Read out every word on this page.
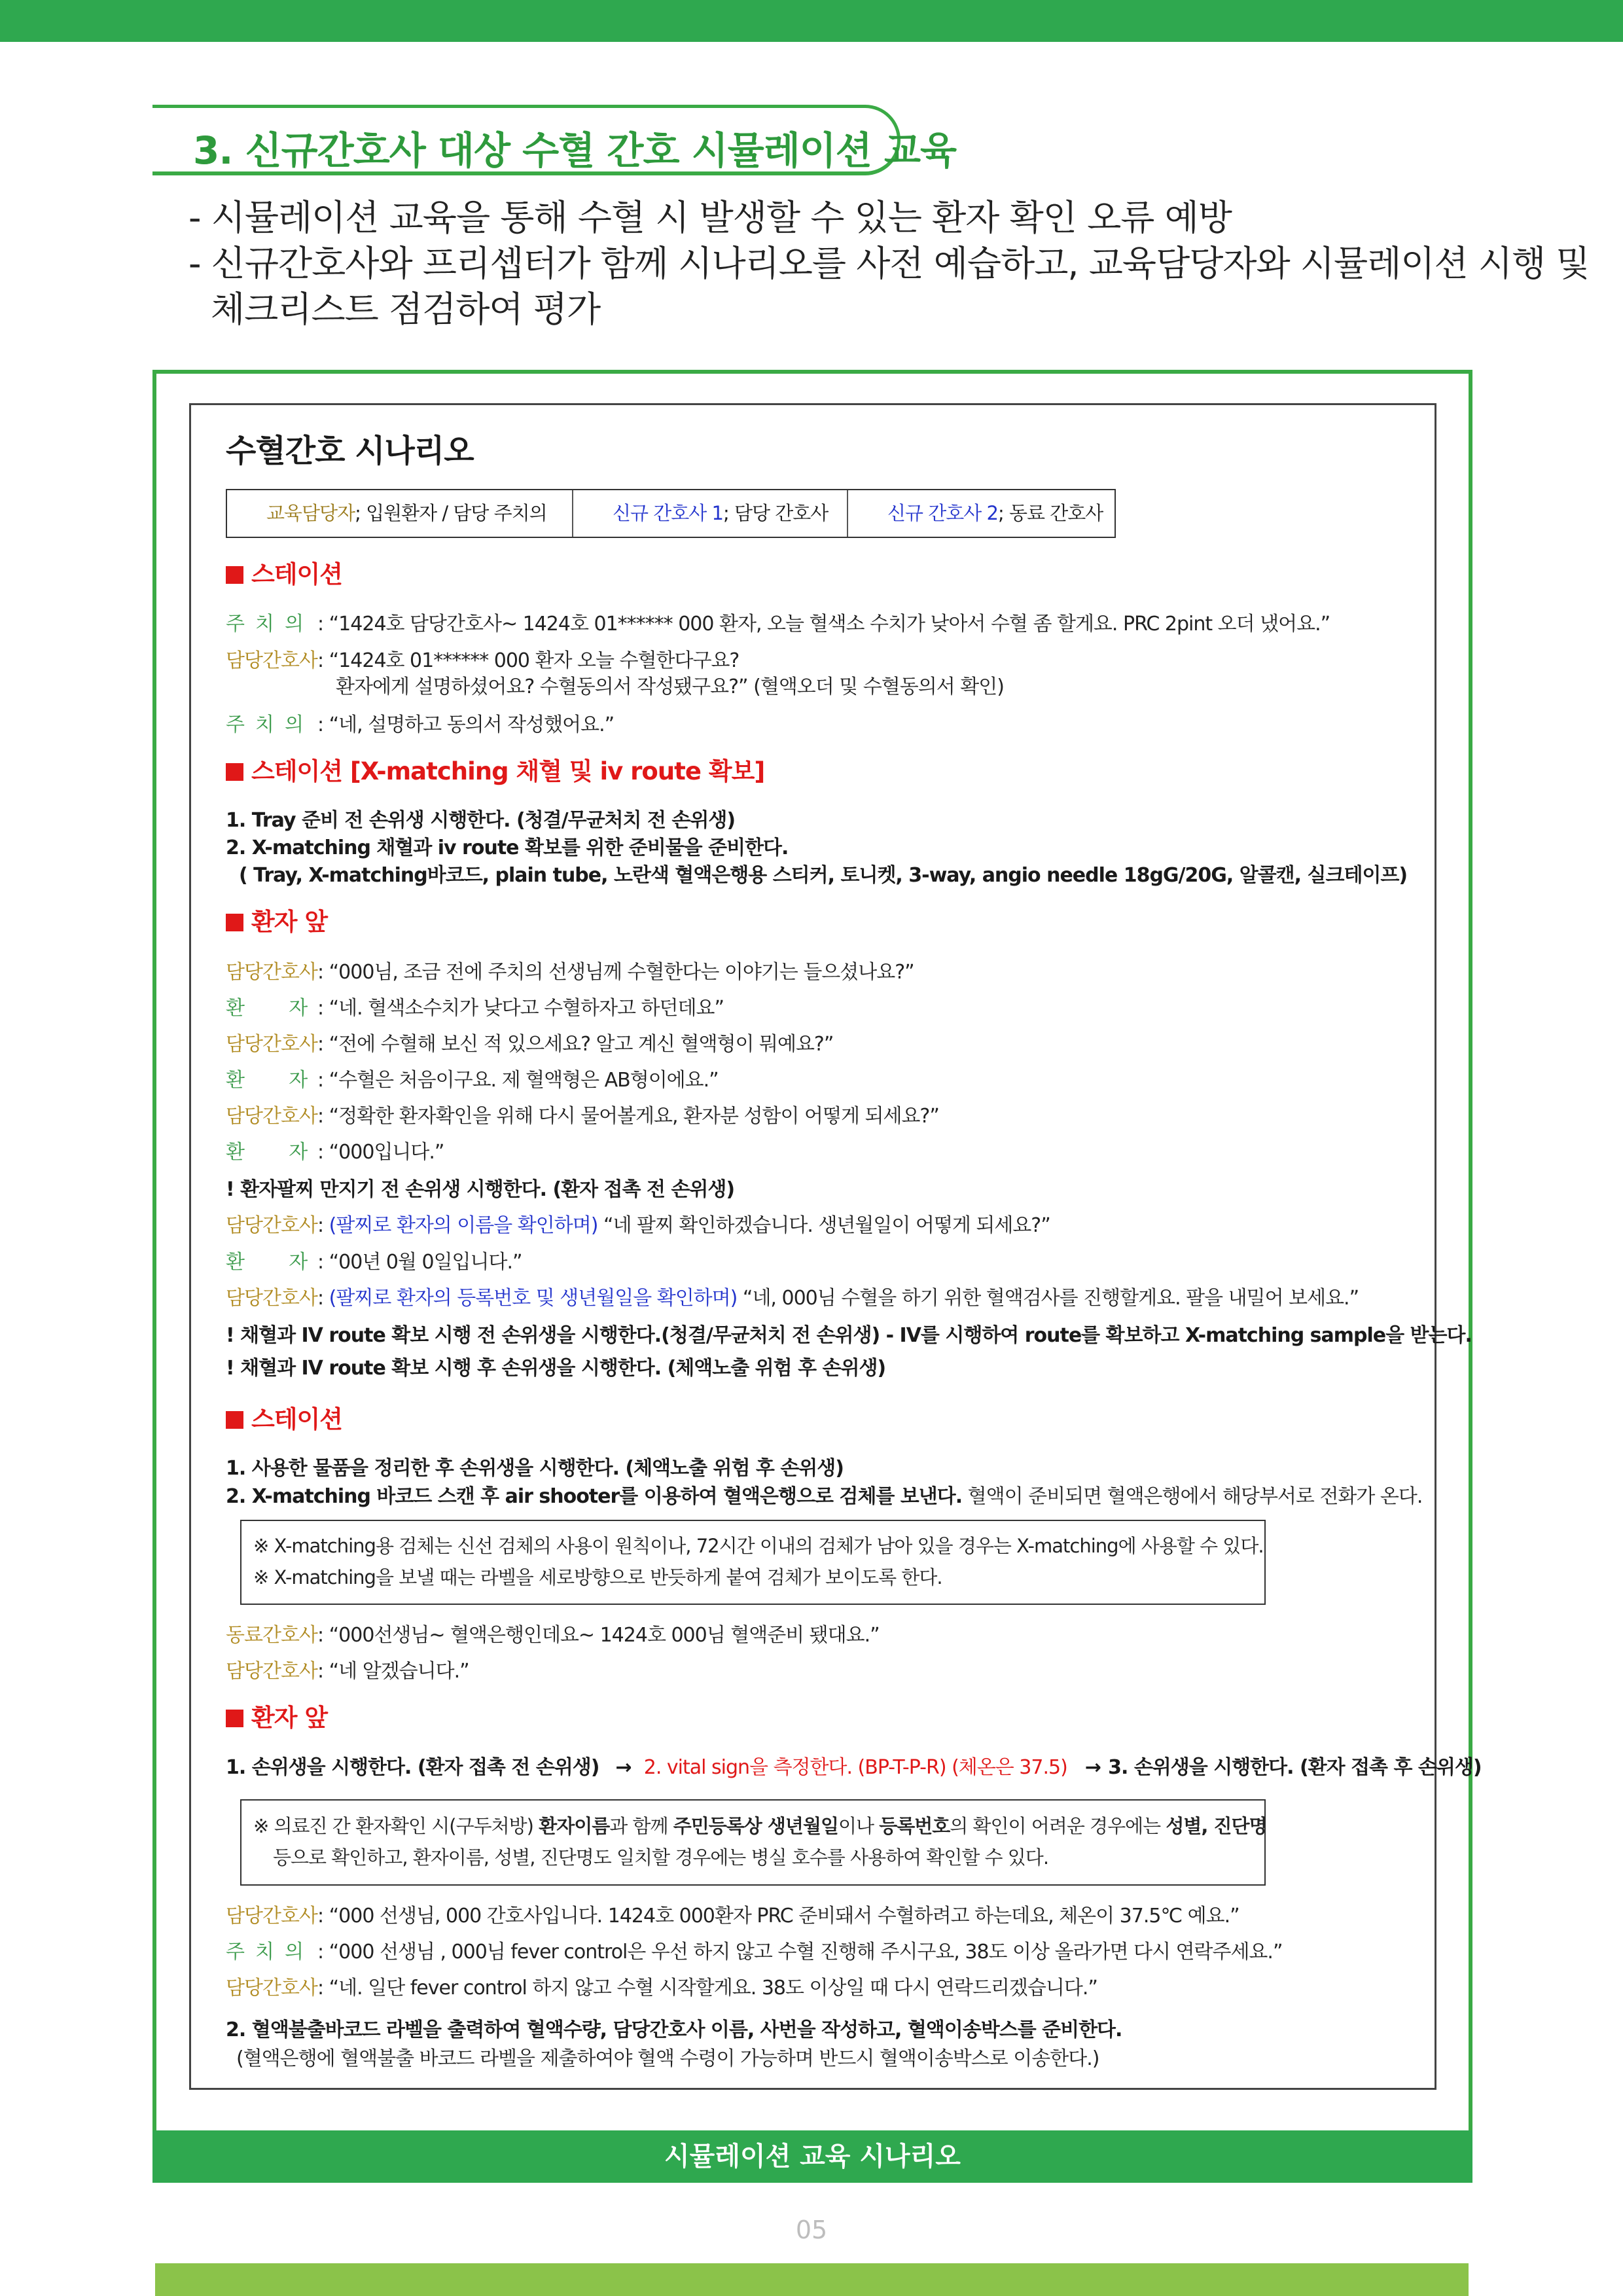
3. 신규간호사 대상 수혈 간호 시뮬레이션 교육
- 시뮬레이션 교육을 통해 수혈 시 발생할 수 있는 환자 확인 오류 예방
- 신규간호사와 프리셉터가 함께 시나리오를 사전 예습하고, 교육담당자와 시뮬레이션 시행 및
체크리스트 점검하여 평가
수혈간호 시나리오
교육담당자; 입원환자 / 담당 주치의	신규 간호사 1; 담당 간호사	신규 간호사 2; 동료 간호사
스테이션
주  치  의 : “1424호 담당간호사~ 1424호 01****** 000 환자, 오늘 혈색소 수치가 낮아서 수혈 좀 할게요. PRC 2pint 오더 냈어요.”
담당간호사: “1424호 01****** 000 환자 오늘 수혈한다구요?
환자에게 설명하셨어요? 수혈동의서 작성됐구요?” (혈액오더 및 수혈동의서 확인)
주  치  의 : “네, 설명하고 동의서 작성했어요.”
스테이션 [X-matching 채혈 및 iv route 확보]
1. Tray 준비 전 손위생 시행한다. (청결/무균처치 전 손위생)
2. X-matching 채혈과 iv route 확보를 위한 준비물을 준비한다.
( Tray, X-matching바코드, plain tube, 노란색 혈액은행용 스티커, 토니켓, 3-way, angio needle 18gG/20G, 알콜캔, 실크테이프)
환자 앞
담당간호사: “000님, 조금 전에 주치의 선생님께 수혈한다는 이야기는 들으셨나요?”
환        자 : “네. 혈색소수치가 낮다고 수혈하자고 하던데요”
담당간호사: “전에 수혈해 보신 적 있으세요? 알고 계신 혈액형이 뭐예요?”
환        자 : “수혈은 처음이구요. 제 혈액형은 AB형이에요.”
담당간호사: “정확한 환자확인을 위해 다시 물어볼게요, 환자분 성함이 어떻게 되세요?”
환        자 : “000입니다.”
! 환자팔찌 만지기 전 손위생 시행한다. (환자 접촉 전 손위생)
담당간호사: (팔찌로 환자의 이름을 확인하며) “네 팔찌 확인하겠습니다. 생년월일이 어떻게 되세요?”
환        자 : “00년 0월 0일입니다.”
담당간호사: (팔찌로 환자의 등록번호 및 생년월일을 확인하며) “네, 000님 수혈을 하기 위한 혈액검사를 진행할게요. 팔을 내밀어 보세요.”
! 채혈과 IV route 확보 시행 전 손위생을 시행한다.(청결/무균처치 전 손위생) - IV를 시행하여 route를 확보하고 X-matching sample을 받는다.
! 채혈과 IV route 확보 시행 후 손위생을 시행한다. (체액노출 위험 후 손위생)
스테이션
1. 사용한 물품을 정리한 후 손위생을 시행한다. (체액노출 위험 후 손위생)
2. X-matching 바코드 스캔 후 air shooter를 이용하여 혈액은행으로 검체를 보낸다. 혈액이 준비되면 혈액은행에서 해당부서로 전화가 온다.
※ X-matching용 검체는 신선 검체의 사용이 원칙이나, 72시간 이내의 검체가 남아 있을 경우는 X-matching에 사용할 수 있다.
※ X-matching을 보낼 때는 라벨을 세로방향으로 반듯하게 붙여 검체가 보이도록 한다.
동료간호사: “000선생님~ 혈액은행인데요~ 1424호 000님 혈액준비 됐대요.”
담당간호사: “네 알겠습니다.”
환자 앞
1. 손위생을 시행한다. (환자 접촉 전 손위생) → 2. vital sign을 측정한다. (BP-T-P-R) (체온은 37.5) → 3. 손위생을 시행한다. (환자 접촉 후 손위생)
※ 의료진 간 환자확인 시(구두처방) 환자이름과 함께 주민등록상 생년월일이나 등록번호의 확인이 어려운 경우에는 성별, 진단명
등으로 확인하고, 환자이름, 성별, 진단명도 일치할 경우에는 병실 호수를 사용하여 확인할 수 있다.
담당간호사: “000 선생님, 000 간호사입니다. 1424호 000환자 PRC 준비돼서 수혈하려고 하는데요, 체온이 37.5℃ 예요.”
주  치  의 : “000 선생님 , 000님 fever control은 우선 하지 않고 수혈 진행해 주시구요, 38도 이상 올라가면 다시 연락주세요.”
담당간호사: “네. 일단 fever control 하지 않고 수혈 시작할게요. 38도 이상일 때 다시 연락드리겠습니다.”
2. 혈액불출바코드 라벨을 출력하여 혈액수량, 담당간호사 이름, 사번을 작성하고, 혈액이송박스를 준비한다.
(혈액은행에 혈액불출 바코드 라벨을 제출하여야 혈액 수령이 가능하며 반드시 혈액이송박스로 이송한다.)
시뮬레이션 교육 시나리오
05
